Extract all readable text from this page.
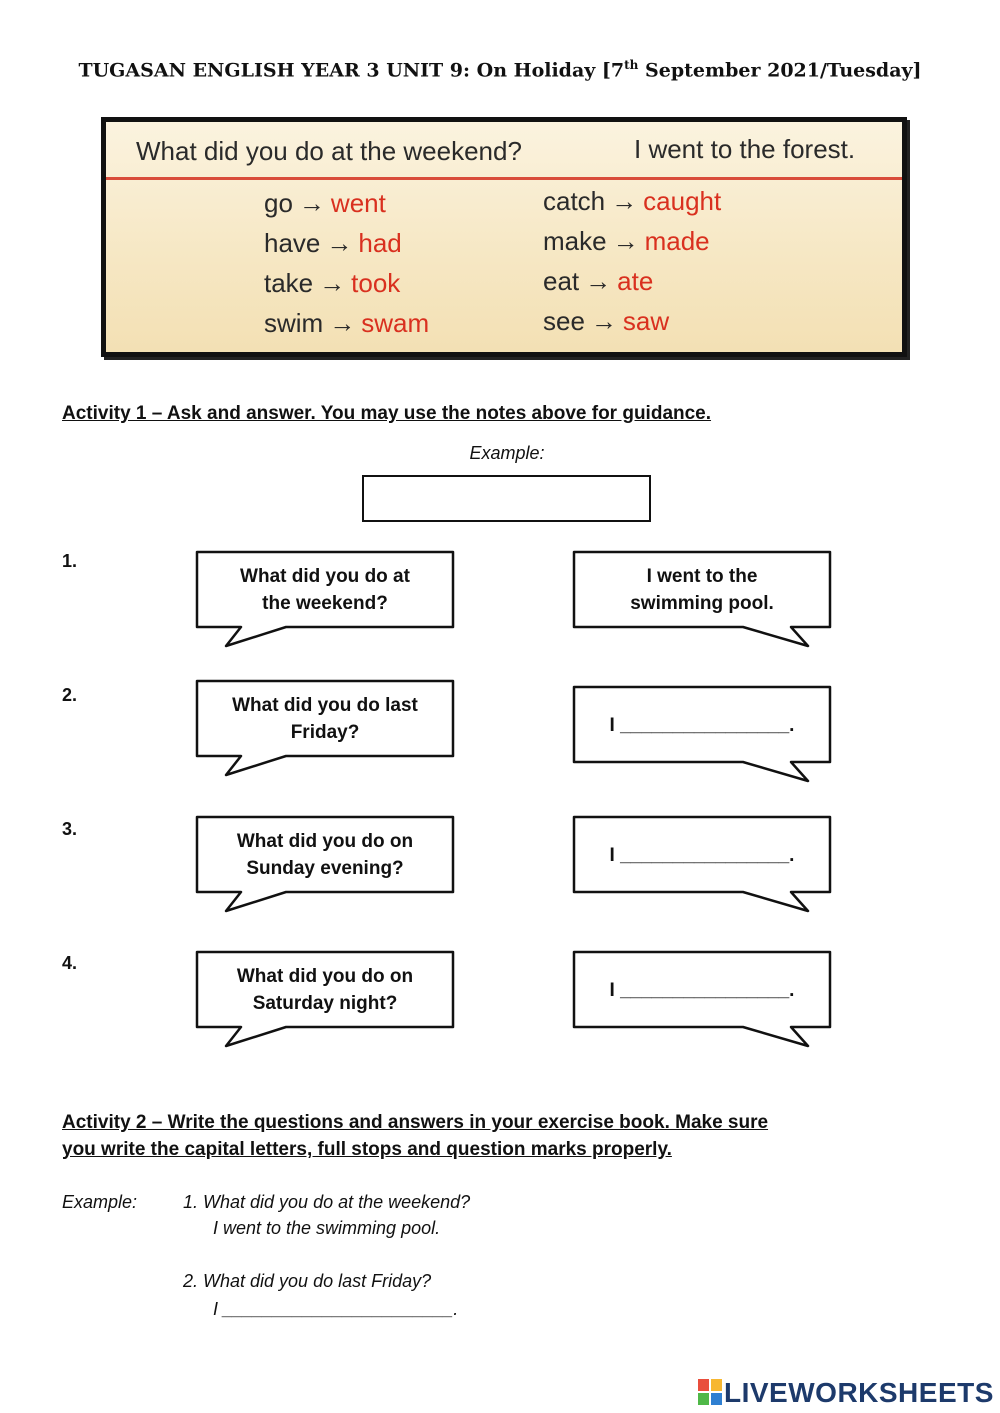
TUGASAN ENGLISH YEAR 3 UNIT 9: On Holiday [7th September 2021/Tuesday]
What did you do at the weekend?	I went to the forest.
go → went
have → had
take → took
swim → swam
catch → caught
make → made
eat → ate
see → saw
Activity 1 – Ask and answer. You may use the notes above for guidance.
Example:
1.
What did you do at
the weekend?
I went to the
swimming pool.
2.	What did you do last
Friday?	I ________________.
3.
What did you do on
Sunday evening?
I ________________.
4.
What did you do on
Saturday night?
I ________________.
Activity 2 – Write the questions and answers in your exercise book. Make sure
you write the capital letters, full stops and question marks properly.
Example:	1. What did you do at the weekend?
I went to the swimming pool.
2. What did you do last Friday?
I _______________________.
LIVEWORKSHEETS
